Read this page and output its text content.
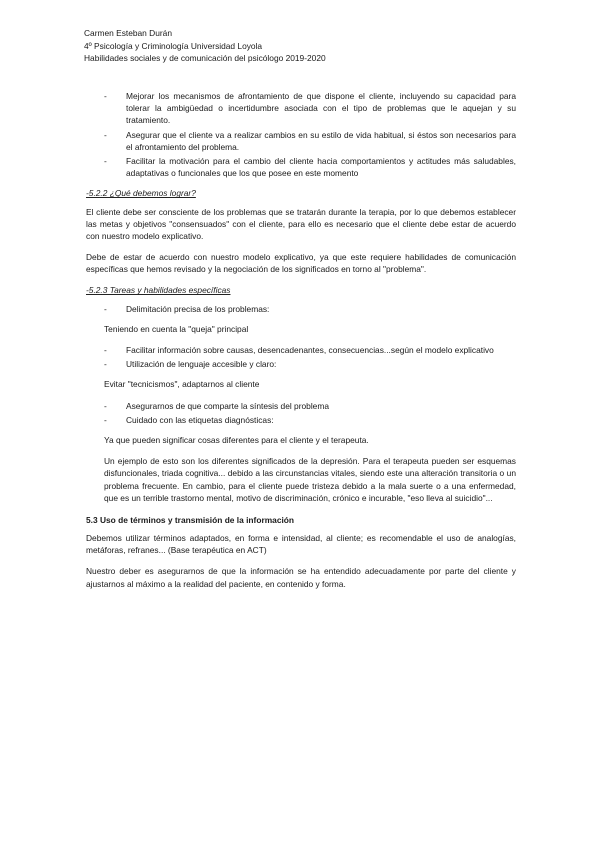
Carmen Esteban Durán
4º Psicología y Criminología Universidad Loyola
Habilidades sociales y de comunicación del psicólogo 2019-2020
-	Mejorar los mecanismos de afrontamiento de que dispone el cliente, incluyendo su capacidad para tolerar la ambigüedad o incertidumbre asociada con el tipo de problemas que le aquejan y su tratamiento.
-	Asegurar que el cliente va a realizar cambios en su estilo de vida habitual, si éstos son necesarios para el afrontamiento del problema.
-	Facilitar la motivación para el cambio del cliente hacia comportamientos y actitudes más saludables, adaptativas o funcionales que los que posee en este momento
-5.2.2 ¿Qué debemos lograr?

El cliente debe ser consciente de los problemas que se tratarán durante la terapia, por lo que debemos establecer las metas y objetivos "consensuados" con el cliente, para ello es necesario que el cliente debe estar de acuerdo con nuestro modelo explicativo.

Debe de estar de acuerdo con nuestro modelo explicativo, ya que este requiere habilidades de comunicación específicas que hemos revisado y la negociación de los significados en torno al "problema".

-5.2.3 Tareas y habilidades específicas
-	Delimitación precisa de los problemas:

Teniendo en cuenta la "queja" principal

-	Facilitar información sobre causas, desencadenantes, consecuencias...según el modelo explicativo
-	Utilización de lenguaje accesible y claro:

Evitar "tecnicismos", adaptarnos al cliente

-	Asegurarnos de que comparte la síntesis del problema
-	Cuidado con las etiquetas diagnósticas:

Ya que pueden significar cosas diferentes para el cliente y el terapeuta.

Un ejemplo de esto son los diferentes significados de la depresión. Para el terapeuta pueden ser esquemas disfuncionales, triada cognitiva... debido a las circunstancias vitales, siendo este una alteración transitoria o un problema frecuente. En cambio, para el cliente puede tristeza debido a la mala suerte o a una enfermedad, que es un terrible trastorno mental, motivo de discriminación, crónico e incurable, "eso lleva al suicidio"...

5.3 Uso de términos y transmisión de la información

Debemos utilizar términos adaptados, en forma e intensidad, al cliente; es recomendable el uso de analogías, metáforas, refranes... (Base terapéutica en ACT)

Nuestro deber es asegurarnos de que la información se ha entendido adecuadamente por parte del cliente y ajustarnos al máximo a la realidad del paciente, en contenido y forma.
